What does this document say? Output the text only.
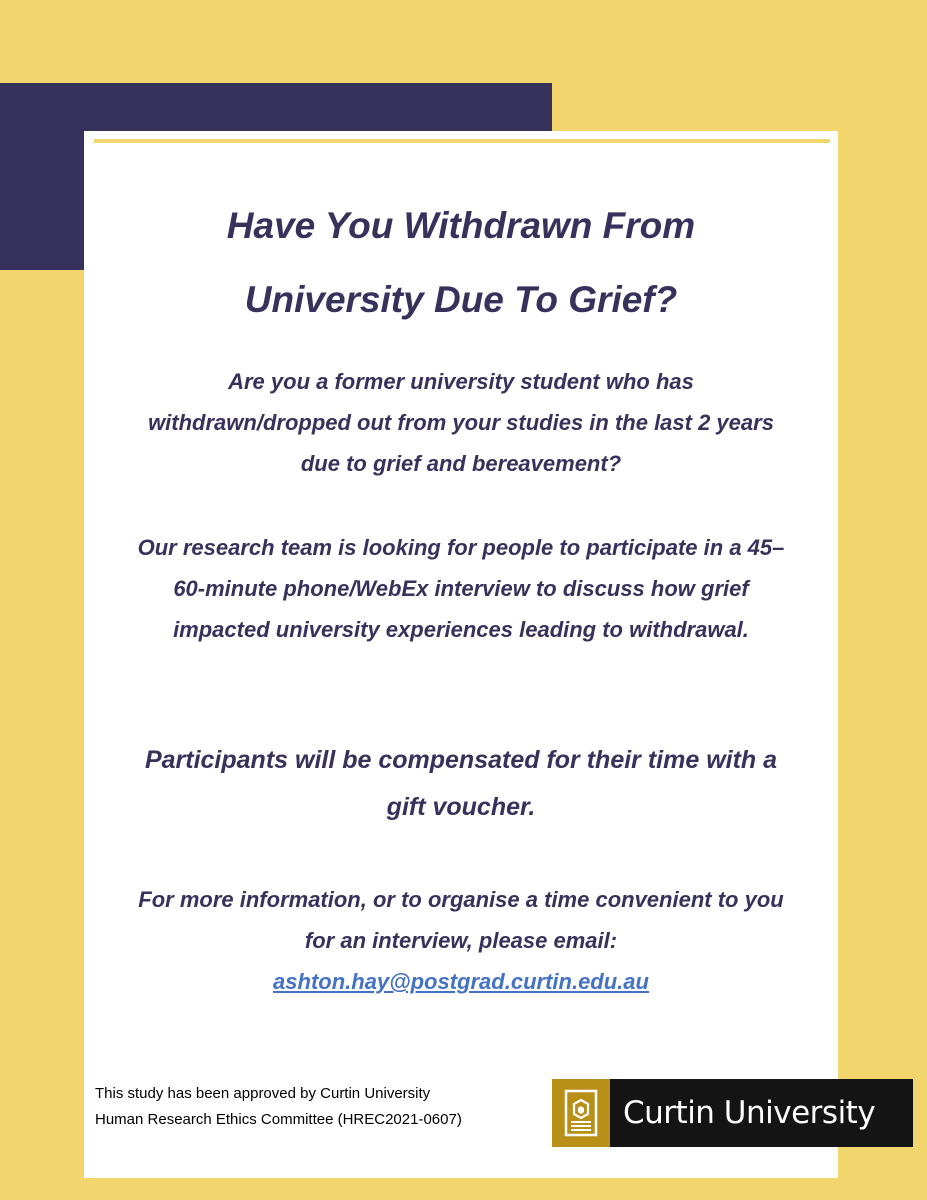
Have You Withdrawn From
University Due To Grief?
Are you a former university student who has
withdrawn/dropped out from your studies in the last 2 years
due to grief and bereavement?
Our research team is looking for people to participate in a 45–
60-minute phone/WebEx interview to discuss how grief
impacted university experiences leading to withdrawal.
Participants will be compensated for their time with a
gift voucher.
For more information, or to organise a time convenient to you
for an interview, please email:
ashton.hay@postgrad.curtin.edu.au
This study has been approved by Curtin University
Human Research Ethics Committee (HREC2021-0607)	Curtin University
